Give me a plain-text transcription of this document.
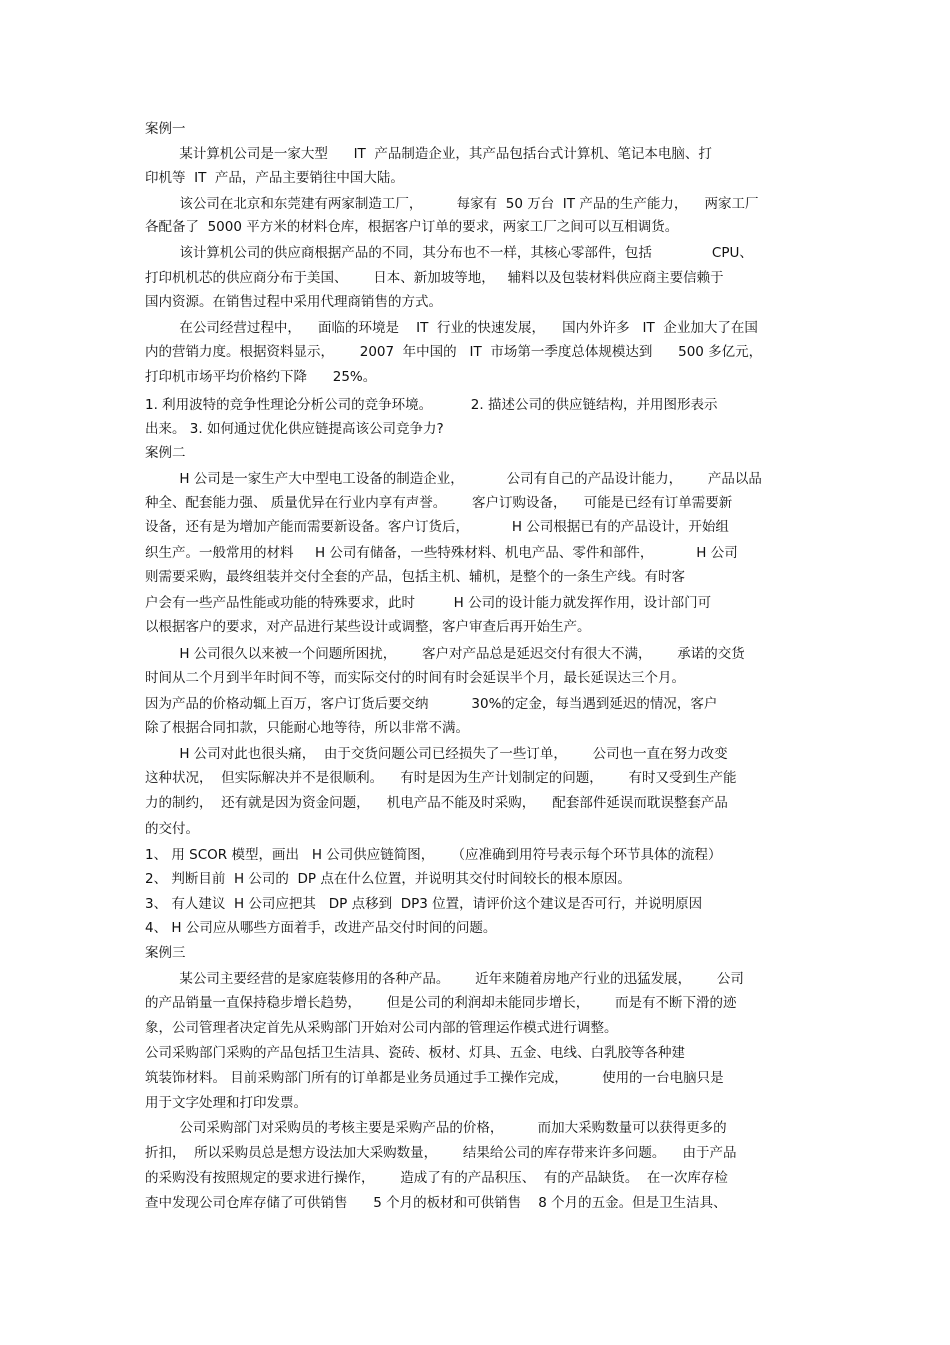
案例一

某计算机公司是一家大型      IT  产品制造企业，其产品包括台式计算机、笔记本电脑、打

印机等  IT  产品，产品主要销往中国大陆。

该公司在北京和东莞建有两家制造工厂，        每家有  50 万台  IT 产品的生产能力，    两家工厂

各配备了  5000 平方米的材料仓库，根据客户订单的要求，两家工厂之间可以互相调货。

该计算机公司的供应商根据产品的不同，其分布也不一样，其核心零部件，包括              CPU、

打印机机芯的供应商分布于美国、      日本、新加坡等地，   辅料以及包装材料供应商主要信赖于

国内资源。在销售过程中采用代理商销售的方式。

在公司经营过程中，    面临的环境是    IT  行业的快速发展，    国内外许多   IT  企业加大了在国

内的营销力度。根据资料显示，      2007  年中国的   IT  市场第一季度总体规模达到      500 多亿元，

打印机市场平均价格约下降      25%。

1. 利用波特的竞争性理论分析公司的竞争环境。         2. 描述公司的供应链结构，并用图形表示

出来。 3. 如何通过优化供应链提高该公司竞争力?

案例二

H 公司是一家生产大中型电工设备的制造企业，          公司有自己的产品设计能力，      产品以品

种全、配套能力强、 质量优异在行业内享有声誉。      客户订购设备，    可能是已经有订单需要新

设备，还有是为增加产能而需要新设备。客户订货后，          H 公司根据已有的产品设计，开始组

织生产。一般常用的材料     H 公司有储备，一些特殊材料、机电产品、零件和部件，          H 公司

则需要采购，最终组装并交付全套的产品，包括主机、辅机，是整个的一条生产线。有时客

户会有一些产品性能或功能的特殊要求，此时         H 公司的设计能力就发挥作用，设计部门可

以根据客户的要求，对产品进行某些设计或调整，客户审查后再开始生产。

H 公司很久以来被一个问题所困扰，      客户对产品总是延迟交付有很大不满，      承诺的交货

时间从二个月到半年时间不等，而实际交付的时间有时会延误半个月，最长延误达三个月。

因为产品的价格动辄上百万，客户订货后要交纳          30%的定金，每当遇到延迟的情况，客户

除了根据合同扣款，只能耐心地等待，所以非常不满。

H 公司对此也很头痛，  由于交货问题公司已经损失了一些订单，      公司也一直在努力改变

这种状况，  但实际解决并不是很顺利。    有时是因为生产计划制定的问题，      有时又受到生产能

力的制约，  还有就是因为资金问题，    机电产品不能及时采购，    配套部件延误而耽误整套产品

的交付。

1、 用 SCOR 模型，画出   H 公司供应链简图，    （应准确到用符号表示每个环节具体的流程）

2、 判断目前  H 公司的  DP 点在什么位置，并说明其交付时间较长的根本原因。

3、 有人建议  H 公司应把其   DP 点移到  DP3 位置，请评价这个建议是否可行，并说明原因

4、 H 公司应从哪些方面着手，改进产品交付时间的问题。

案例三

某公司主要经营的是家庭装修用的各种产品。      近年来随着房地产行业的迅猛发展，      公司

的产品销量一直保持稳步增长趋势，      但是公司的利润却未能同步增长，      而是有不断下滑的迹

象，公司管理者决定首先从采购部门开始对公司内部的管理运作模式进行调整。

公司采购部门采购的产品包括卫生洁具、瓷砖、板材、灯具、五金、电线、白乳胶等各种建

筑装饰材料。 目前采购部门所有的订单都是业务员通过手工操作完成，        使用的一台电脑只是

用于文字处理和打印发票。

公司采购部门对采购员的考核主要是采购产品的价格，        而加大采购数量可以获得更多的

折扣，  所以采购员总是想方设法加大采购数量，      结果给公司的库存带来许多问题。    由于产品

的采购没有按照规定的要求进行操作，      造成了有的产品积压、  有的产品缺货。  在一次库存检

查中发现公司仓库存储了可供销售      5 个月的板材和可供销售    8 个月的五金。但是卫生洁具、
